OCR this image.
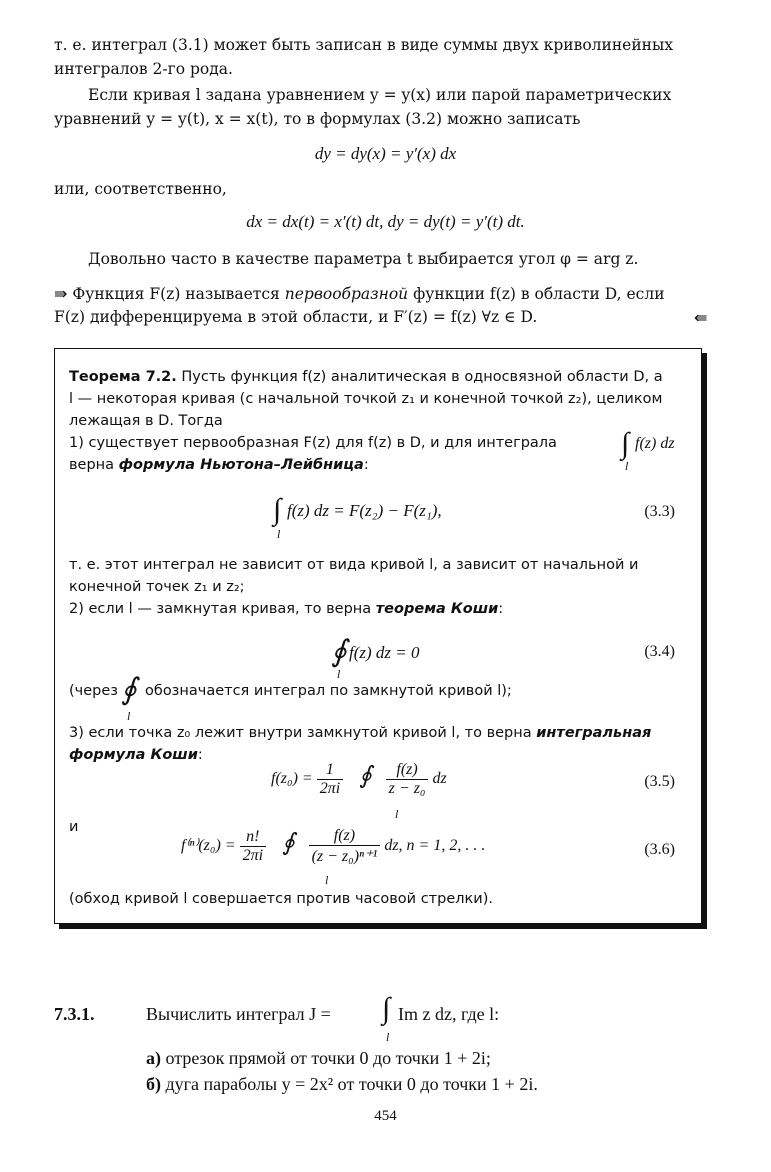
т. е. интеграл (3.1) может быть записан в виде суммы двух криволинейных
интегралов 2-го рода.
Если кривая l задана уравнением y = y(x) или парой параметрических
уравнений y = y(t), x = x(t), то в формулах (3.2) можно записать
dy = dy(x) = y′(x) dx
или, соответственно,
dx = dx(t) = x′(t) dt, dy = dy(t) = y′(t) dt.
Довольно часто в качестве параметра t выбирается угол φ = arg z.
⇛ Функция F(z) называется первообразной функции f(z) в области D, если
F(z) дифференцируема в этой области, и F′(z) = f(z) ∀z ∈ D.	⇚
Теорема 7.2. Пусть функция f(z) аналитическая в односвязной области D, а
l — некоторая кривая (с начальной точкой z₁ и конечной точкой z₂), целиком
лежащая в D. Тогда
1) существует первообразная F(z) для f(z) в D, и для интеграла ∫ f(z) dz
l
верна формула Ньютона–Лейбница:
∫ f(z) dz = F(z₂) − F(z₁),
l
(3.3)
т. е. этот интеграл не зависит от вида кривой l, а зависит от начальной и
конечной точек z₁ и z₂;
2) если l — замкнутая кривая, то верна теорема Коши:
∮ f(z) dz = 0
l
(3.4)
(через ∮
l
обозначается интеграл по замкнутой кривой l);
3) если точка z₀ лежит внутри замкнутой кривой l, то верна интегральная
формула Коши:
$f(z_0) = \frac{1}{2\pi i}$ ∮ $\frac{f(z)}{\text{z − z₀}}$ dz
l
(3.5)
и
$f^{(n)}(z_0) = \frac{n!}{2\pi i}$ ∮ $\frac{f(z)}{\text{(z − z₀)ⁿ⁺¹}}$ dz, n = 1, 2, . . .
l
(3.6)
(обход кривой l совершается против часовой стрелки).
7.3.1.	Вычислить интеграл J = ∫ Im z dz, где l:
l
а) отрезок прямой от точки 0 до точки 1 + 2i;
б) дуга параболы y = 2x² от точки 0 до точки 1 + 2i.
454
